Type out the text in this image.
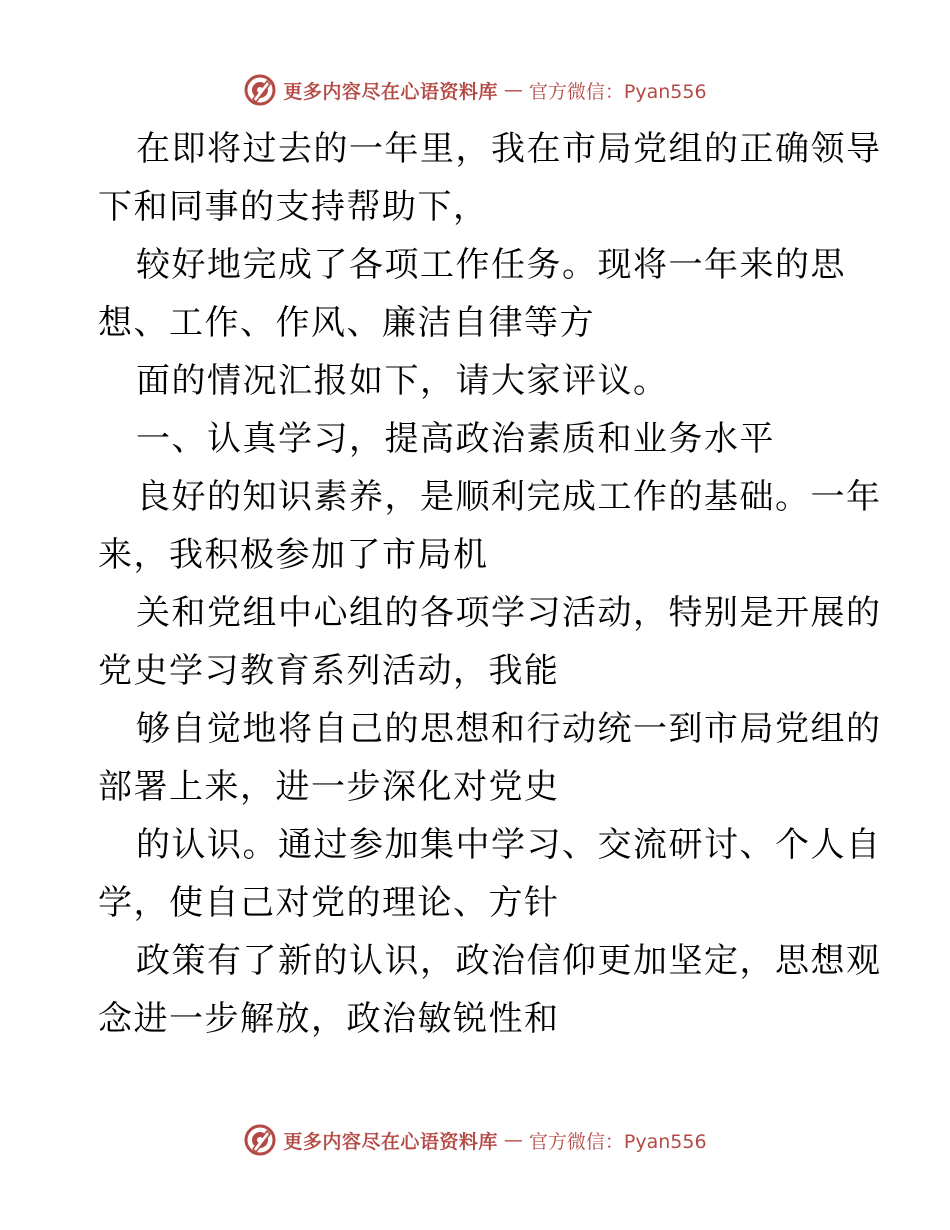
更多内容尽在心语资料库 — 官方微信：Pyan556
在即将过去的一年里，我在市局党组的正确领导
下和同事的支持帮助下，
较好地完成了各项工作任务。现将一年来的思
想、工作、作风、廉洁自律等方
面的情况汇报如下，请大家评议。
一、认真学习，提高政治素质和业务水平
良好的知识素养，是顺利完成工作的基础。一年
来，我积极参加了市局机
关和党组中心组的各项学习活动，特别是开展的
党史学习教育系列活动，我能
够自觉地将自己的思想和行动统一到市局党组的
部署上来，进一步深化对党史
的认识。通过参加集中学习、交流研讨、个人自
学，使自己对党的理论、方针
政策有了新的认识，政治信仰更加坚定，思想观
念进一步解放，政治敏锐性和
更多内容尽在心语资料库 — 官方微信：Pyan556
